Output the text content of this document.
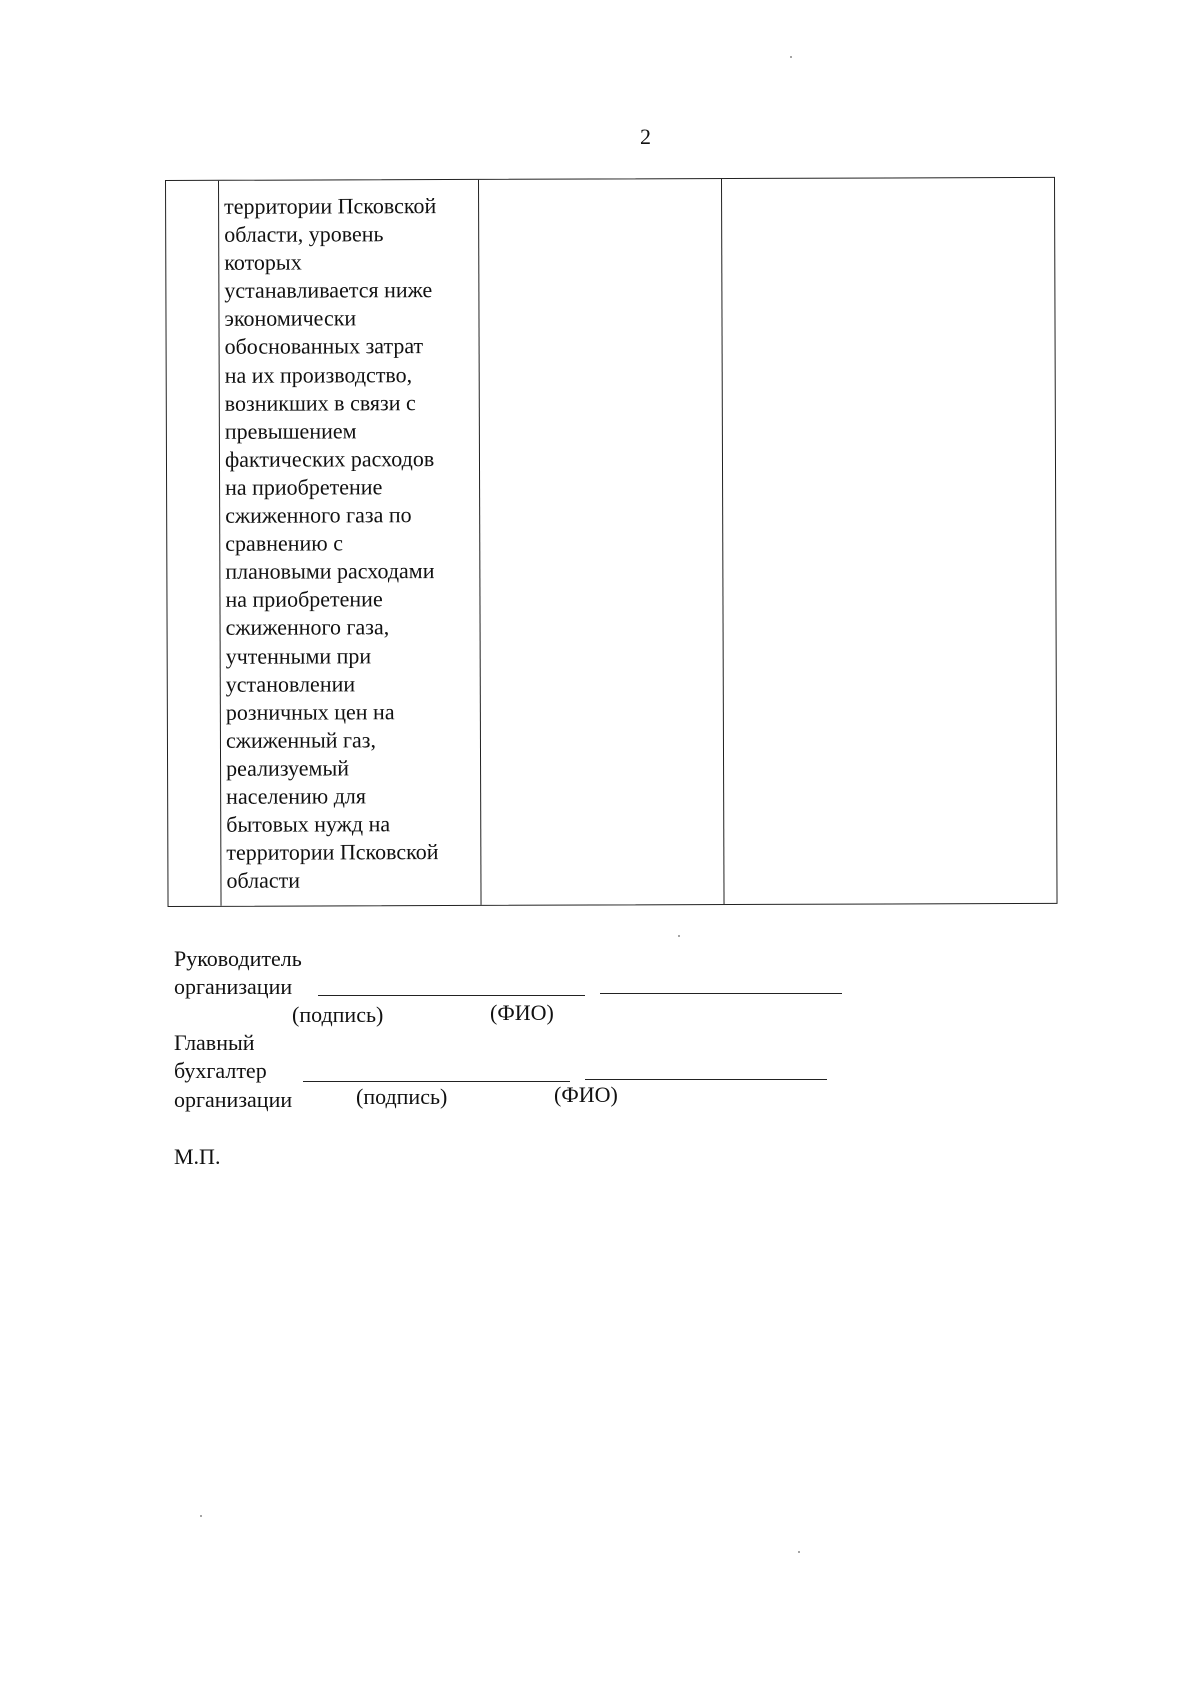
2
территории Псковской
области, уровень
которых
устанавливается ниже
экономически
обоснованных затрат
на их производство,
возникших в связи с
превышением
фактических расходов
на приобретение
сжиженного газа по
сравнению с
плановыми расходами
на приобретение
сжиженного газа,
учтенными при
установлении
розничных цен на
сжиженный газ,
реализуемый
населению для
бытовых нужд на
территории Псковской
области
Руководитель
организации
(подпись)	(ФИО)
Главный
бухгалтер
организации	(подпись)	(ФИО)
М.П.
